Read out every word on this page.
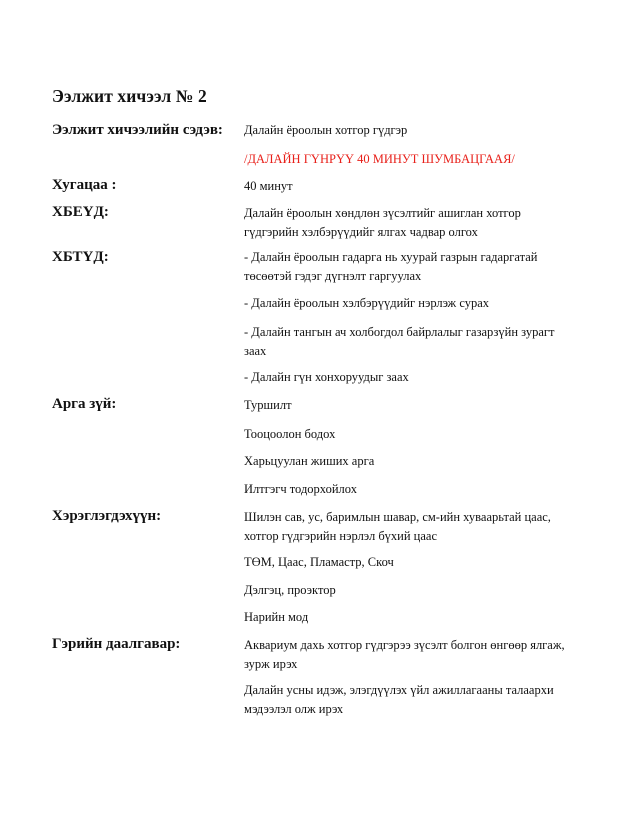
Ээлжит хичээл № 2
Ээлжит хичээлийн сэдэв: Далайн ёроолын хотгор гүдгэр
/ДАЛАЙН ГҮНРҮҮ 40 МИНУТ ШУМБАЦГААЯ/
Хугацаа :	40 минут
ХБЕҮД:	Далайн ёроолын хөндлөн зүсэлтийг ашиглан хотгор гүдгэрийн хэлбэрүүдийг ялгах чадвар олгох
ХБТҮД:	- Далайн ёроолын гадарга нь хуурай газрын гадаргатай төсөөтэй гэдэг дүгнэлт гаргуулах
- Далайн ёроолын хэлбэрүүдийг нэрлэж сурах
- Далайн тангын ач холбогдол байрлалыг газарзүйн зурагт заах
- Далайн гүн хонхоруудыг заах
Арга зүй:	Туршилт
Тооцоолон бодох
Харьцуулан жиших арга
Илтгэгч тодорхойлох
Хэрэглэгдэхүүн:	Шилэн сав, ус, баримлын шавар, см-ийн хуваарьтай цаас, хотгор гүдгэрийн нэрлэл бүхий цаас
ТӨМ, Цаас, Пламастр, Скоч
Дэлгэц, проэктор
Нарийн мод
Гэрийн даалгавар:	Аквариум дахь хотгор гүдгэрээ зүсэлт болгон өнгөөр ялгаж, зурж ирэх
Далайн усны идэж, элэгдүүлэх үйл ажиллагааны талаархи мэдээлэл олж ирэх
